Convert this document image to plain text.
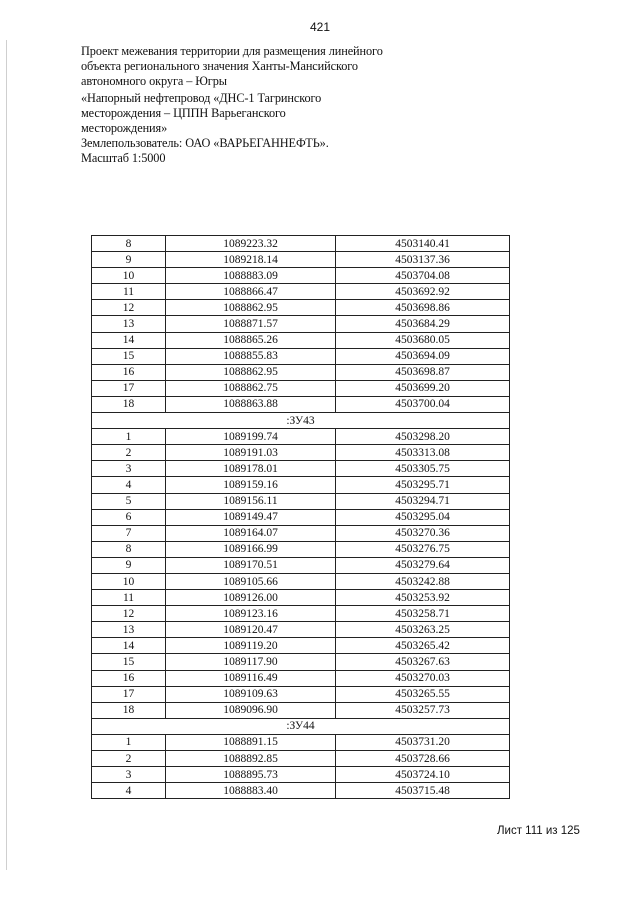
421
Проект межевания территории для размещения линейного
объекта регионального значения Ханты-Мансийского
автономного округа – Югры
«Напорный нефтепровод «ДНС-1 Тагринского
месторождения – ЦППН Варьеганского
месторождения»
Землепользователь: ОАО «ВАРЬЕГАННЕФТЬ».
Масштаб 1:5000
8	1089223.32	4503140.41
9	1089218.14	4503137.36
10	1088883.09	4503704.08
11	1088866.47	4503692.92
12	1088862.95	4503698.86
13	1088871.57	4503684.29
14	1088865.26	4503680.05
15	1088855.83	4503694.09
16	1088862.95	4503698.87
17	1088862.75	4503699.20
18	1088863.88	4503700.04
:ЗУ43		
1	1089199.74	4503298.20
2	1089191.03	4503313.08
3	1089178.01	4503305.75
4	1089159.16	4503295.71
5	1089156.11	4503294.71
6	1089149.47	4503295.04
7	1089164.07	4503270.36
8	1089166.99	4503276.75
9	1089170.51	4503279.64
10	1089105.66	4503242.88
11	1089126.00	4503253.92
12	1089123.16	4503258.71
13	1089120.47	4503263.25
14	1089119.20	4503265.42
15	1089117.90	4503267.63
16	1089116.49	4503270.03
17	1089109.63	4503265.55
18	1089096.90	4503257.73
:ЗУ44		
1	1088891.15	4503731.20
2	1088892.85	4503728.66
3	1088895.73	4503724.10
4	1088883.40	4503715.48
Лист 111 из 125
